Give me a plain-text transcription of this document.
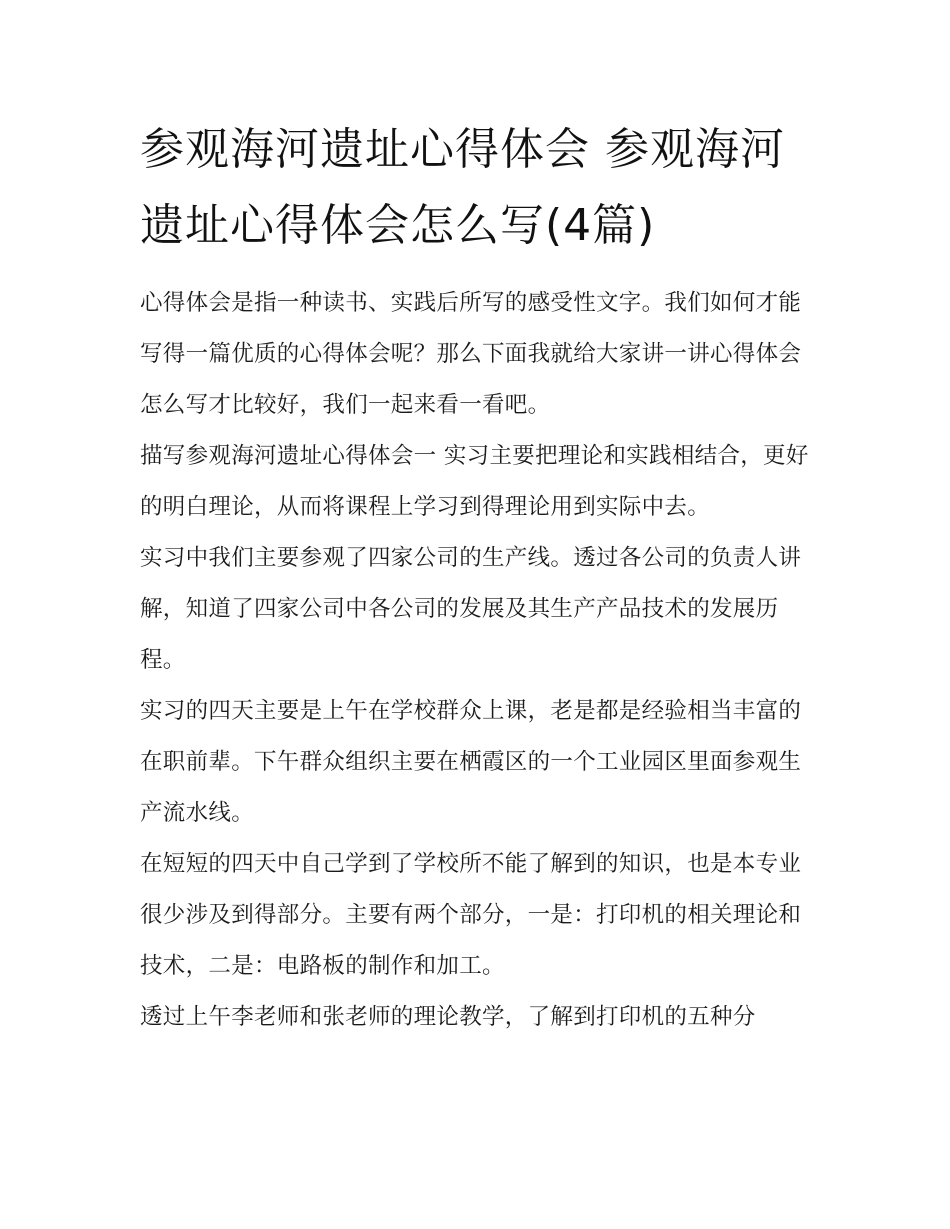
参观海河遗址心得体会 参观海河遗址心得体会怎么写(4篇)

心得体会是指一种读书、实践后所写的感受性文字。我们如何才能写得一篇优质的心得体会呢？那么下面我就给大家讲一讲心得体会怎么写才比较好，我们一起来看一看吧。

描写参观海河遗址心得体会一 实习主要把理论和实践相结合，更好的明白理论，从而将课程上学习到得理论用到实际中去。

实习中我们主要参观了四家公司的生产线。透过各公司的负责人讲解，知道了四家公司中各公司的发展及其生产产品技术的发展历程。

实习的四天主要是上午在学校群众上课，老是都是经验相当丰富的在职前辈。下午群众组织主要在栖霞区的一个工业园区里面参观生产流水线。

在短短的四天中自己学到了学校所不能了解到的知识，也是本专业很少涉及到得部分。主要有两个部分，一是：打印机的相关理论和技术，二是：电路板的制作和加工。

透过上午李老师和张老师的理论教学，了解到打印机的五种分
